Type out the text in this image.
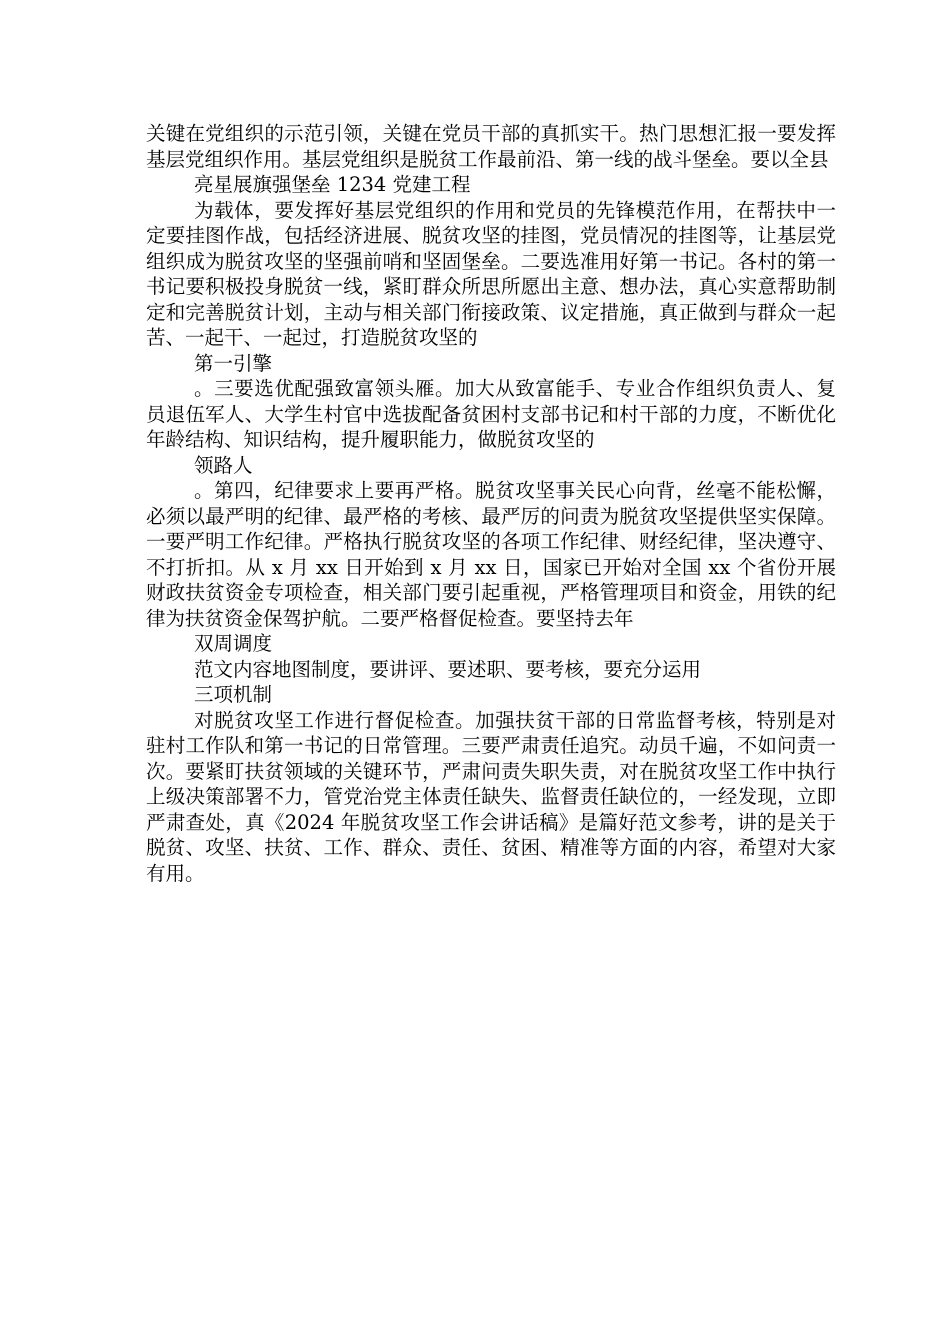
关键在党组织的示范引领，关键在党员干部的真抓实干。热门思想汇报一要发挥基层党组织作用。基层党组织是脱贫工作最前沿、第一线的战斗堡垒。要以全县

亮星展旗强堡垒 1234 党建工程

为载体，要发挥好基层党组织的作用和党员的先锋模范作用，在帮扶中一定要挂图作战，包括经济进展、脱贫攻坚的挂图，党员情况的挂图等，让基层党组织成为脱贫攻坚的坚强前哨和坚固堡垒。二要选准用好第一书记。各村的第一书记要积极投身脱贫一线，紧盯群众所思所愿出主意、想办法，真心实意帮助制定和完善脱贫计划，主动与相关部门衔接政策、议定措施，真正做到与群众一起苦、一起干、一起过，打造脱贫攻坚的

第一引擎

。三要选优配强致富领头雁。加大从致富能手、专业合作组织负责人、复员退伍军人、大学生村官中选拔配备贫困村支部书记和村干部的力度，不断优化年龄结构、知识结构，提升履职能力，做脱贫攻坚的

领路人

。第四，纪律要求上要再严格。脱贫攻坚事关民心向背，丝毫不能松懈，必须以最严明的纪律、最严格的考核、最严厉的问责为脱贫攻坚提供坚实保障。一要严明工作纪律。严格执行脱贫攻坚的各项工作纪律、财经纪律，坚决遵守、不打折扣。从 x 月 xx 日开始到 x 月 xx 日，国家已开始对全国 xx 个省份开展财政扶贫资金专项检查，相关部门要引起重视，严格管理项目和资金，用铁的纪律为扶贫资金保驾护航。二要严格督促检查。要坚持去年

双周调度

范文内容地图制度，要讲评、要述职、要考核，要充分运用

三项机制

对脱贫攻坚工作进行督促检查。加强扶贫干部的日常监督考核，特别是对驻村工作队和第一书记的日常管理。三要严肃责任追究。动员千遍，不如问责一次。要紧盯扶贫领域的关键环节，严肃问责失职失责，对在脱贫攻坚工作中执行上级决策部署不力，管党治党主体责任缺失、监督责任缺位的，一经发现，立即严肃查处，真《2024 年脱贫攻坚工作会讲话稿》是篇好范文参考，讲的是关于脱贫、攻坚、扶贫、工作、群众、责任、贫困、精准等方面的内容，希望对大家有用。
